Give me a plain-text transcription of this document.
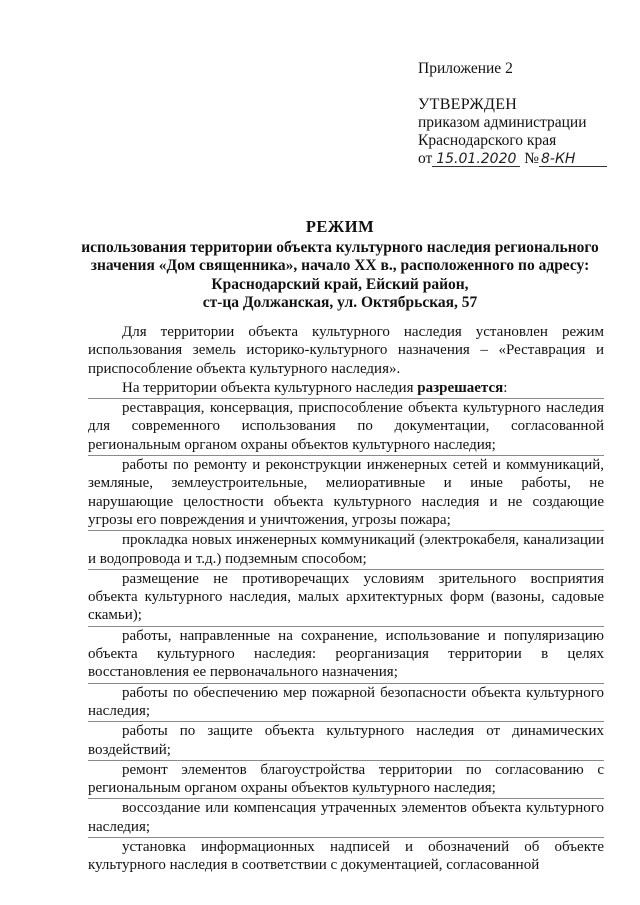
Приложение 2
УТВЕРЖДЕН
приказом администрации
Краснодарского края
от 15.01.2020 № 8-КН
РЕЖИМ
использования территории объекта культурного наследия регионального
значения «Дом священника», начало XX в., расположенного по адресу:
Краснодарский край, Ейский район,
ст-ца Должанская, ул. Октябрьская, 57

Для территории объекта культурного наследия установлен режим использования земель историко-культурного назначения – «Реставрация и приспособление объекта культурного наследия».

На территории объекта культурного наследия разрешается:

реставрация, консервация, приспособление объекта культурного наследия для современного использования по документации, согласованной региональным органом охраны объектов культурного наследия;

работы по ремонту и реконструкции инженерных сетей и коммуникаций, земляные, землеустроительные, мелиоративные и иные работы, не нарушающие целостности объекта культурного наследия и не создающие угрозы его повреждения и уничтожения, угрозы пожара;

прокладка новых инженерных коммуникаций (электрокабеля, канализации и водопровода и т.д.) подземным способом;

размещение не противоречащих условиям зрительного восприятия объекта культурного наследия, малых архитектурных форм (вазоны, садовые скамьи);

работы, направленные на сохранение, использование и популяризацию объекта культурного наследия: реорганизация территории в целях восстановления ее первоначального назначения;

работы по обеспечению мер пожарной безопасности объекта культурного наследия;

работы по защите объекта культурного наследия от динамических воздействий;

ремонт элементов благоустройства территории по согласованию с региональным органом охраны объектов культурного наследия;

воссоздание или компенсация утраченных элементов объекта культурного наследия;

установка информационных надписей и обозначений об объекте культурного наследия в соответствии с документацией, согласованной
